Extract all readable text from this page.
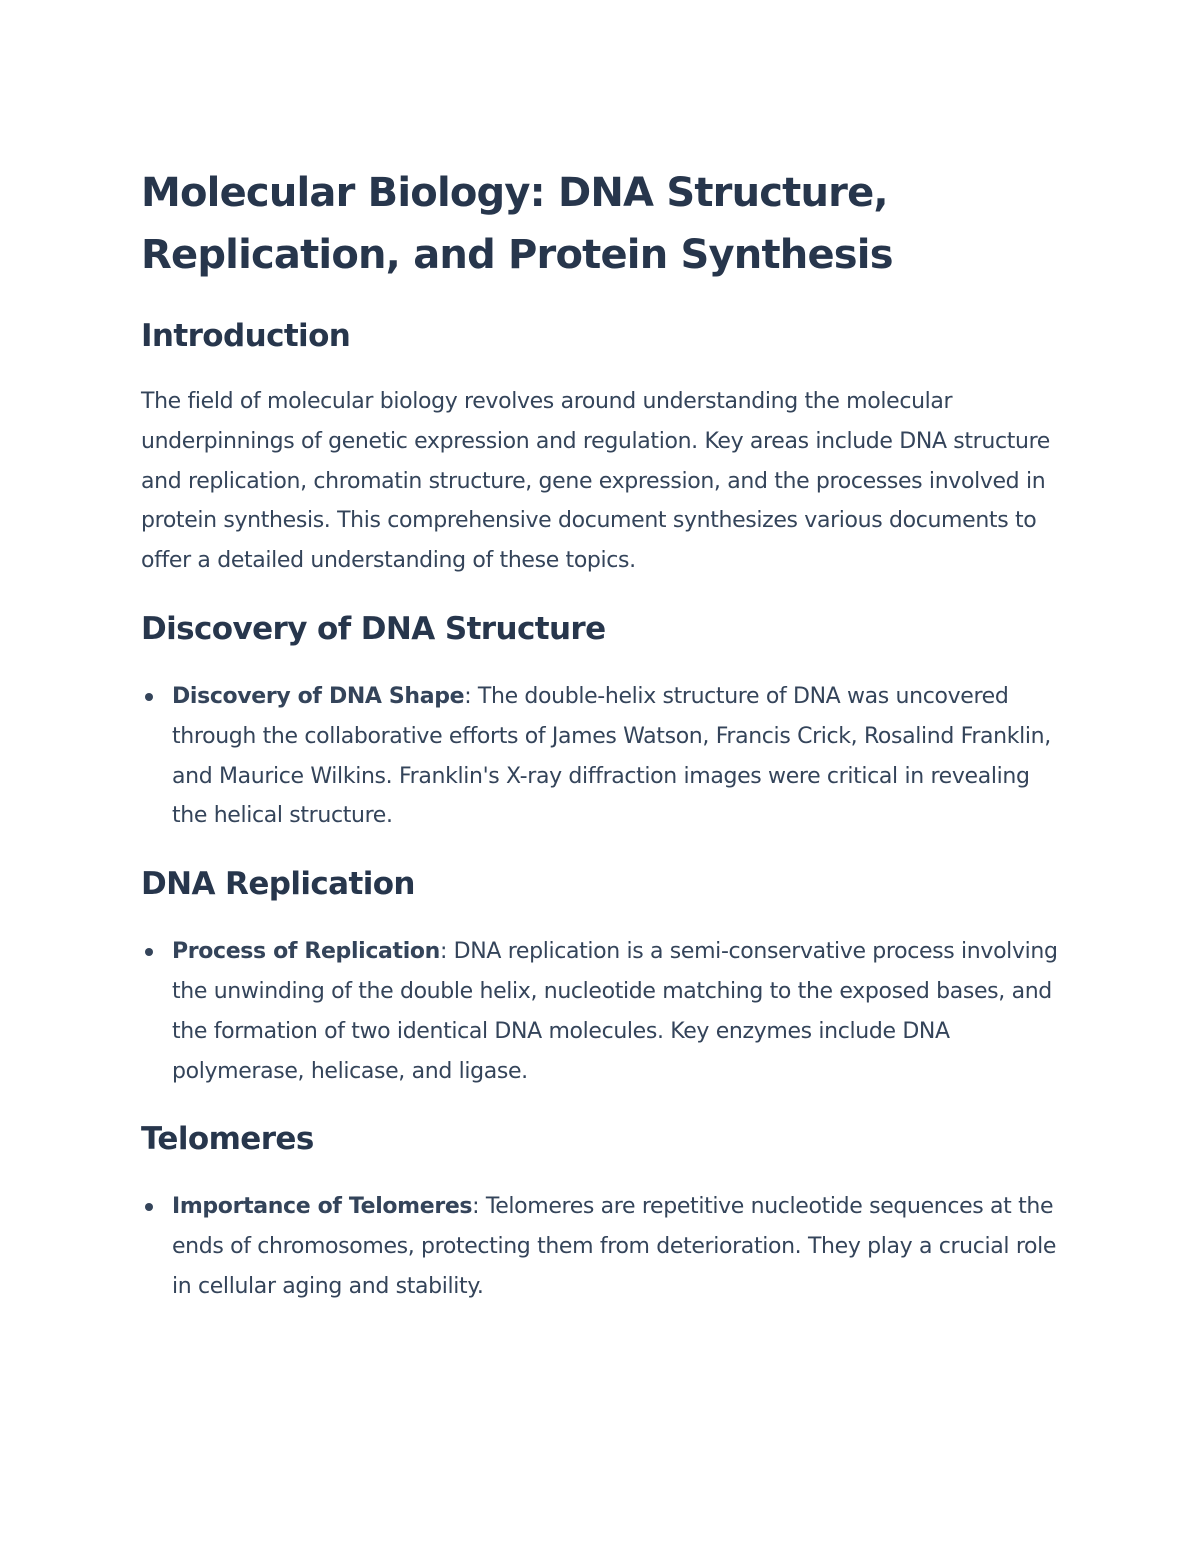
Molecular Biology: DNA Structure, Replication, and Protein Synthesis
Introduction

The field of molecular biology revolves around understanding the molecular underpinnings of genetic expression and regulation. Key areas include DNA structure and replication, chromatin structure, gene expression, and the processes involved in protein synthesis. This comprehensive document synthesizes various documents to offer a detailed understanding of these topics.

Discovery of DNA Structure
Discovery of DNA Shape: The double-helix structure of DNA was uncovered through the collaborative efforts of James Watson, Francis Crick, Rosalind Franklin, and Maurice Wilkins. Franklin's X-ray diffraction images were critical in revealing the helical structure.
DNA Replication
Process of Replication: DNA replication is a semi-conservative process involving the unwinding of the double helix, nucleotide matching to the exposed bases, and the formation of two identical DNA molecules. Key enzymes include DNA polymerase, helicase, and ligase.
Telomeres
Importance of Telomeres: Telomeres are repetitive nucleotide sequences at the ends of chromosomes, protecting them from deterioration. They play a crucial role in cellular aging and stability.
